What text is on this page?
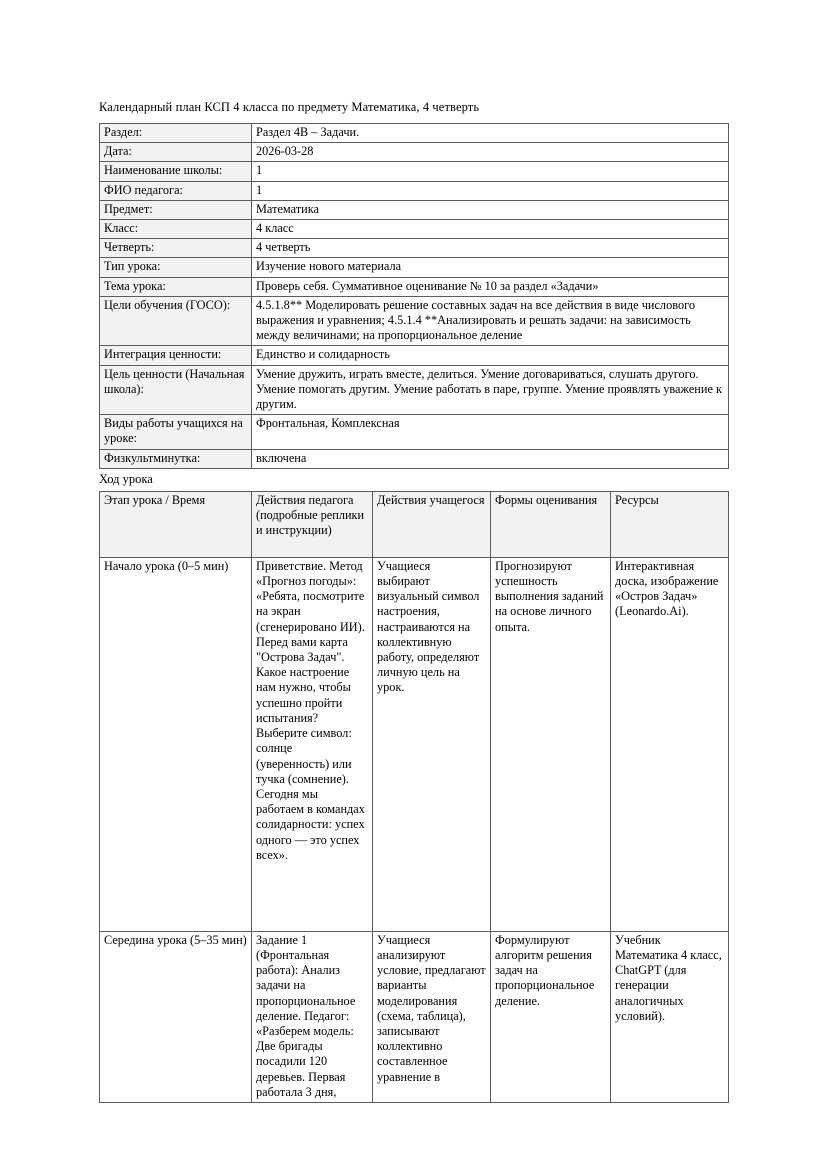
Календарный план КСП 4 класса по предмету Математика, 4 четверть
Раздел:	Раздел 4В – Задачи.
Дата:	2026-03-28
Наименование школы:	1
ФИО педагога:	1
Предмет:	Математика
Класс:	4 класс
Четверть:	4 четверть
Тип урока:	Изучение нового материала
Тема урока:	Проверь себя. Суммативное оценивание № 10 за раздел «Задачи»
Цели обучения (ГОСО):	4.5.1.8** Моделировать решение составных задач на все действия в виде числового выражения и уравнения; 4.5.1.4 **Анализировать и решать задачи: на зависимость между величинами; на пропорциональное деление
Интеграция ценности:	Единство и солидарность
Цель ценности (Начальная школа):	Умение дружить, играть вместе, делиться. Умение договариваться, слушать другого. Умение помогать другим. Умение работать в паре, группе. Умение проявлять уважение к другим.
Виды работы учащихся на уроке:	Фронтальная, Комплексная
Физкультминутка:	включена
Ход урока
Этап урока / Время	Действия педагога (подробные реплики и инструкции)	Действия учащегося	Формы оценивания	Ресурсы
Начало урока (0–5 мин)	Приветствие. Метод «Прогноз погоды»: «Ребята, посмотрите на экран (сгенерировано ИИ). Перед вами карта "Острова Задач". Какое настроение нам нужно, чтобы успешно пройти испытания? Выберите символ: солнце (уверенность) или тучка (сомнение). Сегодня мы работаем в командах солидарности: успех одного — это успех всех».	Учащиеся выбирают визуальный символ настроения, настраиваются на коллективную работу, определяют личную цель на урок.	Прогнозируют успешность выполнения заданий на основе личного опыта.	Интерактивная доска, изображение «Остров Задач» (Leonardo.Ai).
Середина урока (5–35 мин)	Задание 1 (Фронтальная работа): Анализ задачи на пропорциональное деление. Педагог: «Разберем модель: Две бригады посадили 120 деревьев. Первая работала 3 дня,	Учащиеся анализируют условие, предлагают варианты моделирования (схема, таблица), записывают коллективно составленное уравнение в	Формулируют алгоритм решения задач на пропорциональное деление.	Учебник Математика 4 класс, ChatGPT (для генерации аналогичных условий).
